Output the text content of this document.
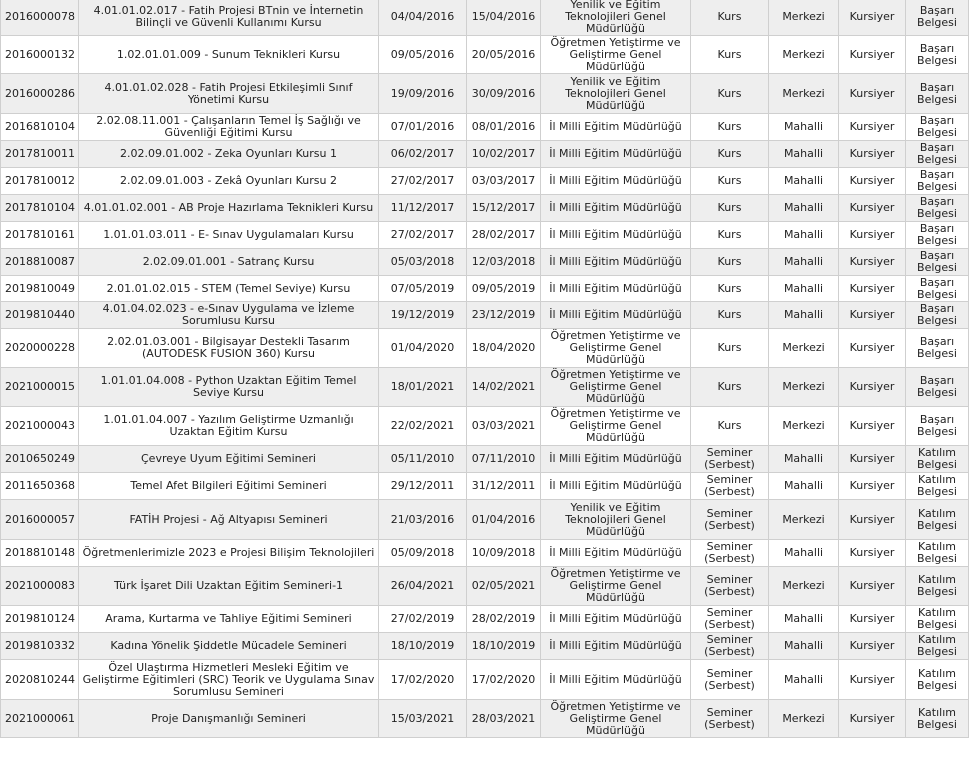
2016000078	4.01.01.02.017 - Fatih Projesi BTnin ve İnternetin Bilinçli ve Güvenli Kullanımı Kursu	04/04/2016	15/04/2016	Yenilik ve Eğitim Teknolojileri Genel Müdürlüğü	Kurs	Merkezi	Kursiyer	Başarı Belgesi
2016000132	1.02.01.01.009 - Sunum Teknikleri Kursu	09/05/2016	20/05/2016	Öğretmen Yetiştirme ve Geliştirme Genel Müdürlüğü	Kurs	Merkezi	Kursiyer	Başarı Belgesi
2016000286	4.01.01.02.028 - Fatih Projesi Etkileşimli Sınıf Yönetimi Kursu	19/09/2016	30/09/2016	Yenilik ve Eğitim Teknolojileri Genel Müdürlüğü	Kurs	Merkezi	Kursiyer	Başarı Belgesi
2016810104	2.02.08.11.001 - Çalışanların Temel İş Sağlığı ve Güvenliği Eğitimi Kursu	07/01/2016	08/01/2016	İl Milli Eğitim Müdürlüğü	Kurs	Mahalli	Kursiyer	Başarı Belgesi
2017810011	2.02.09.01.002 - Zeka Oyunları Kursu 1	06/02/2017	10/02/2017	İl Milli Eğitim Müdürlüğü	Kurs	Mahalli	Kursiyer	Başarı Belgesi
2017810012	2.02.09.01.003 - Zekâ Oyunları Kursu 2	27/02/2017	03/03/2017	İl Milli Eğitim Müdürlüğü	Kurs	Mahalli	Kursiyer	Başarı Belgesi
2017810104	4.01.01.02.001 - AB Proje Hazırlama Teknikleri Kursu	11/12/2017	15/12/2017	İl Milli Eğitim Müdürlüğü	Kurs	Mahalli	Kursiyer	Başarı Belgesi
2017810161	1.01.01.03.011 - E- Sınav Uygulamaları Kursu	27/02/2017	28/02/2017	İl Milli Eğitim Müdürlüğü	Kurs	Mahalli	Kursiyer	Başarı Belgesi
2018810087	2.02.09.01.001 - Satranç Kursu	05/03/2018	12/03/2018	İl Milli Eğitim Müdürlüğü	Kurs	Mahalli	Kursiyer	Başarı Belgesi
2019810049	2.01.01.02.015 - STEM (Temel Seviye) Kursu	07/05/2019	09/05/2019	İl Milli Eğitim Müdürlüğü	Kurs	Mahalli	Kursiyer	Başarı Belgesi
2019810440	4.01.04.02.023 - e-Sınav Uygulama ve İzleme Sorumlusu Kursu	19/12/2019	23/12/2019	İl Milli Eğitim Müdürlüğü	Kurs	Mahalli	Kursiyer	Başarı Belgesi
2020000228	2.02.01.03.001 - Bilgisayar Destekli Tasarım (AUTODESK FUSION 360) Kursu	01/04/2020	18/04/2020	Öğretmen Yetiştirme ve Geliştirme Genel Müdürlüğü	Kurs	Merkezi	Kursiyer	Başarı Belgesi
2021000015	1.01.01.04.008 - Python Uzaktan Eğitim Temel Seviye Kursu	18/01/2021	14/02/2021	Öğretmen Yetiştirme ve Geliştirme Genel Müdürlüğü	Kurs	Merkezi	Kursiyer	Başarı Belgesi
2021000043	1.01.01.04.007 - Yazılım Geliştirme Uzmanlığı Uzaktan Eğitim Kursu	22/02/2021	03/03/2021	Öğretmen Yetiştirme ve Geliştirme Genel Müdürlüğü	Kurs	Merkezi	Kursiyer	Başarı Belgesi
2010650249	Çevreye Uyum Eğitimi Semineri	05/11/2010	07/11/2010	İl Milli Eğitim Müdürlüğü	Seminer (Serbest)	Mahalli	Kursiyer	Katılım Belgesi
2011650368	Temel Afet Bilgileri Eğitimi Semineri	29/12/2011	31/12/2011	İl Milli Eğitim Müdürlüğü	Seminer (Serbest)	Mahalli	Kursiyer	Katılım Belgesi
2016000057	FATİH Projesi - Ağ Altyapısı Semineri	21/03/2016	01/04/2016	Yenilik ve Eğitim Teknolojileri Genel Müdürlüğü	Seminer (Serbest)	Merkezi	Kursiyer	Katılım Belgesi
2018810148	Öğretmenlerimizle 2023 e Projesi Bilişim Teknolojileri	05/09/2018	10/09/2018	İl Milli Eğitim Müdürlüğü	Seminer (Serbest)	Mahalli	Kursiyer	Katılım Belgesi
2021000083	Türk İşaret Dili Uzaktan Eğitim Semineri-1	26/04/2021	02/05/2021	Öğretmen Yetiştirme ve Geliştirme Genel Müdürlüğü	Seminer (Serbest)	Merkezi	Kursiyer	Katılım Belgesi
2019810124	Arama, Kurtarma ve Tahliye Eğitimi Semineri	27/02/2019	28/02/2019	İl Milli Eğitim Müdürlüğü	Seminer (Serbest)	Mahalli	Kursiyer	Katılım Belgesi
2019810332	Kadına Yönelik Şiddetle Mücadele Semineri	18/10/2019	18/10/2019	İl Milli Eğitim Müdürlüğü	Seminer (Serbest)	Mahalli	Kursiyer	Katılım Belgesi
2020810244	Özel Ulaştırma Hizmetleri Mesleki Eğitim ve Geliştirme Eğitimleri (SRC) Teorik ve Uygulama Sınav Sorumlusu Semineri	17/02/2020	17/02/2020	İl Milli Eğitim Müdürlüğü	Seminer (Serbest)	Mahalli	Kursiyer	Katılım Belgesi
2021000061	Proje Danışmanlığı Semineri	15/03/2021	28/03/2021	Öğretmen Yetiştirme ve Geliştirme Genel Müdürlüğü	Seminer (Serbest)	Merkezi	Kursiyer	Katılım Belgesi
